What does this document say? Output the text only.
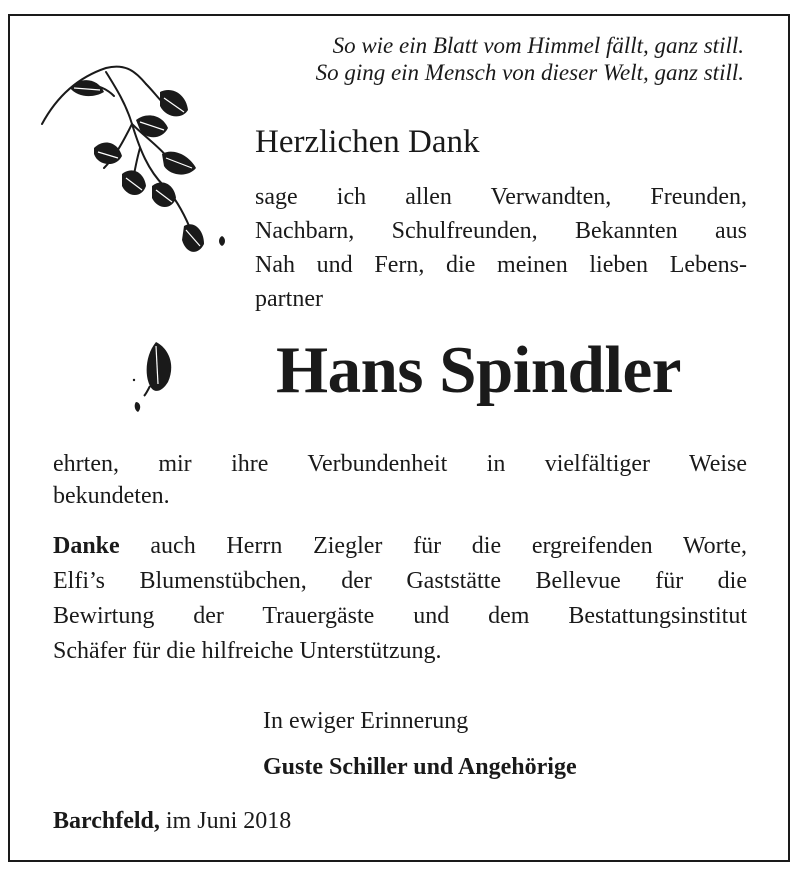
So wie ein Blatt vom Himmel fällt, ganz still.
So ging ein Mensch von dieser Welt, ganz still.
Herzlichen Dank
sage ich allen Verwandten, Freunden,
Nachbarn, Schulfreunden, Bekannten aus
Nah und Fern, die meinen lieben Lebens-
partner
Hans Spindler
ehrten, mir ihre Verbundenheit in vielfältiger Weise
bekundeten.
Danke auch Herrn Ziegler für die ergreifenden Worte,
Elfi’s Blumenstübchen, der Gaststätte Bellevue für die
Bewirtung der Trauergäste und dem Bestattungsinstitut
Schäfer für die hilfreiche Unterstützung.
In ewiger Erinnerung
Guste Schiller und Angehörige
Barchfeld, im Juni 2018
